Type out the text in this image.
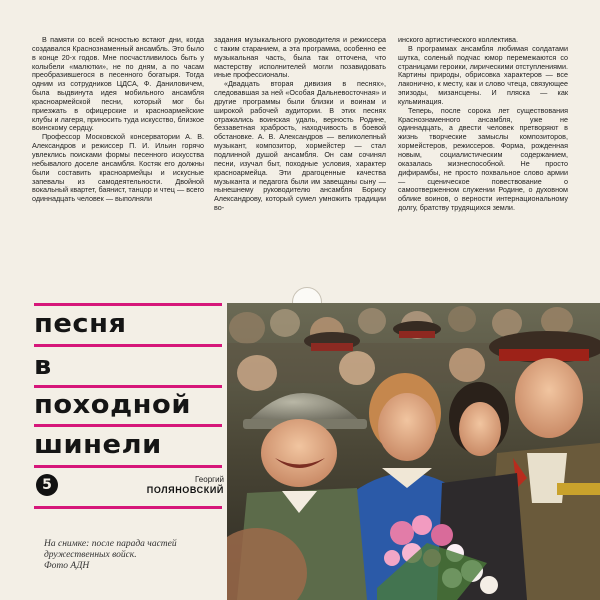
В памяти со всей ясностью встают дни, когда создавался Краснознаменный ансамбль. Это было в конце 20-х годов. Мне посчастливилось быть у колыбели «малютки», не по дням, а по часам преобразившегося в песенного богатыря. Тогда одним из сотрудников ЦДСА, Ф. Даниловичем, была выдвинута идея мобильного ансамбля красноармейской песни, который мог бы приезжать в офицерские и красноармейские клубы и лагеря, приносить туда искусство, близкое воинскому сердцу.

Профессор Московской консерватории А. В. Александров и режиссер П. И. Ильин горячо увлеклись поисками формы песенного искусства небывалого доселе ансамбля. Костяк его должны были составить красноармейцы и искусные запевалы из самодеятельности. Двойной вокальный квартет, баянист, танцор и чтец — всего одиннадцать человек — выполняли

задания музыкального руководителя и режиссера с таким старанием, а эта программа, особенно ее музыкальная часть, была так отточена, что мастерству исполнителей могли позавидовать иные профессионалы.

«Двадцать вторая дивизия в песнях», следовавшая за ней «Особая Дальневосточная» и другие программы были близки и воинам и широкой рабочей аудитории. В этих песнях отражались воинская удаль, верность Родине, беззаветная храбрость, находчивость в боевой обстановке. А. В. Александров — великолепный музыкант, композитор, хормейстер — стал подлинной душой ансамбля. Он сам сочинял песни, изучал быт, походные условия, характер красноармейца. Эти драгоценные качества музыканта и педагога были им завещаны сыну — нынешнему руководителю ансамбля Борису Александрову, который сумел умножить традиции во-

инского артистического коллектива.

В программах ансамбля любимая солдатами шутка, соленый подчас юмор перемежаются со страницами героики, лирическими отступлениями. Картины природы, обрисовка характеров — все лаконично, к месту, как и слово чтеца, связующее эпизоды, мизансцены. И пляска — как кульминация.

Теперь, после сорока лет существования Краснознаменного ансамбля, уже не одиннадцать, а двести человек претворяют в жизнь творческие замыслы композиторов, хормейстеров, режиссеров. Форма, рожденная новым, социалистическим содержанием, оказалась жизнеспособной. Не просто дифирамбы, не просто похвальное слово армии — сценическое повествование о самоотверженном служении Родине, о духовном облике воинов, о верности интернациональному долгу, братству трудящихся земли.

песня
в
походной
шинели
5	Георгий
ПОЛЯНОВСКИЙ
На снимке: после парада частей дружественных войск.
Фото АДН
